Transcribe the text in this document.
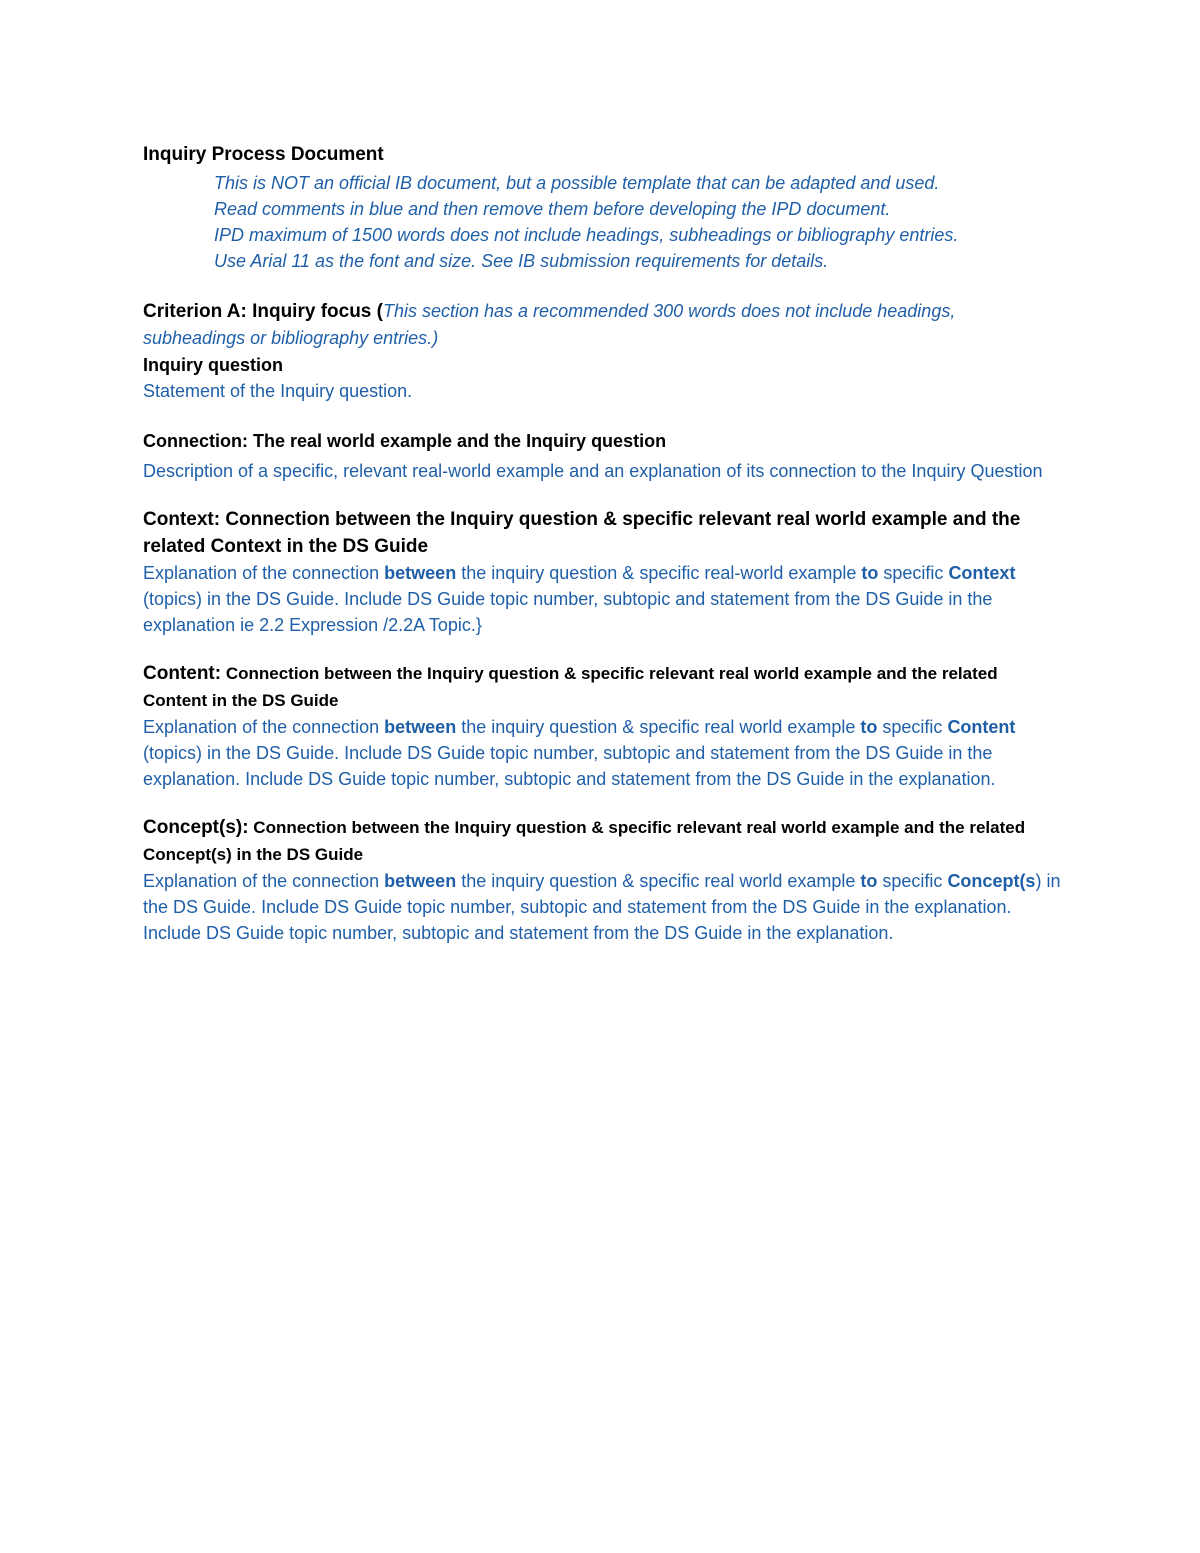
Inquiry Process Document
This is NOT an official IB document, but a possible template that can be adapted and used.
Read comments in blue and then remove them before developing the IPD document.
IPD maximum of 1500 words does not include headings, subheadings or bibliography entries.
Use Arial 11 as the font and size. See IB submission requirements for details.
Criterion A: Inquiry focus (This section has a recommended 300 words does not include headings,
subheadings or bibliography entries.)
Inquiry question

Statement of the Inquiry question.

Connection: The real world example and the Inquiry question

Description of a specific, relevant real-world example and an explanation of its connection to the Inquiry Question

Context: Connection between the Inquiry question & specific relevant real world example and the related Context in the DS Guide

Explanation of the connection between the inquiry question & specific real-world example to specific Context (topics) in the DS Guide. Include DS Guide topic number, subtopic and statement from the DS Guide in the explanation ie 2.2 Expression /2.2A Topic.}

Content: Connection between the Inquiry question & specific relevant real world example and the related Content in the DS Guide

Explanation of the connection between the inquiry question & specific real world example to specific Content (topics) in the DS Guide. Include DS Guide topic number, subtopic and statement from the DS Guide in the explanation. Include DS Guide topic number, subtopic and statement from the DS Guide in the explanation.

Concept(s): Connection between the Inquiry question & specific relevant real world example and the related Concept(s) in the DS Guide

Explanation of the connection between the inquiry question & specific real world example to specific Concept(s) in the DS Guide. Include DS Guide topic number, subtopic and statement from the DS Guide in the explanation. Include DS Guide topic number, subtopic and statement from the DS Guide in the explanation.
